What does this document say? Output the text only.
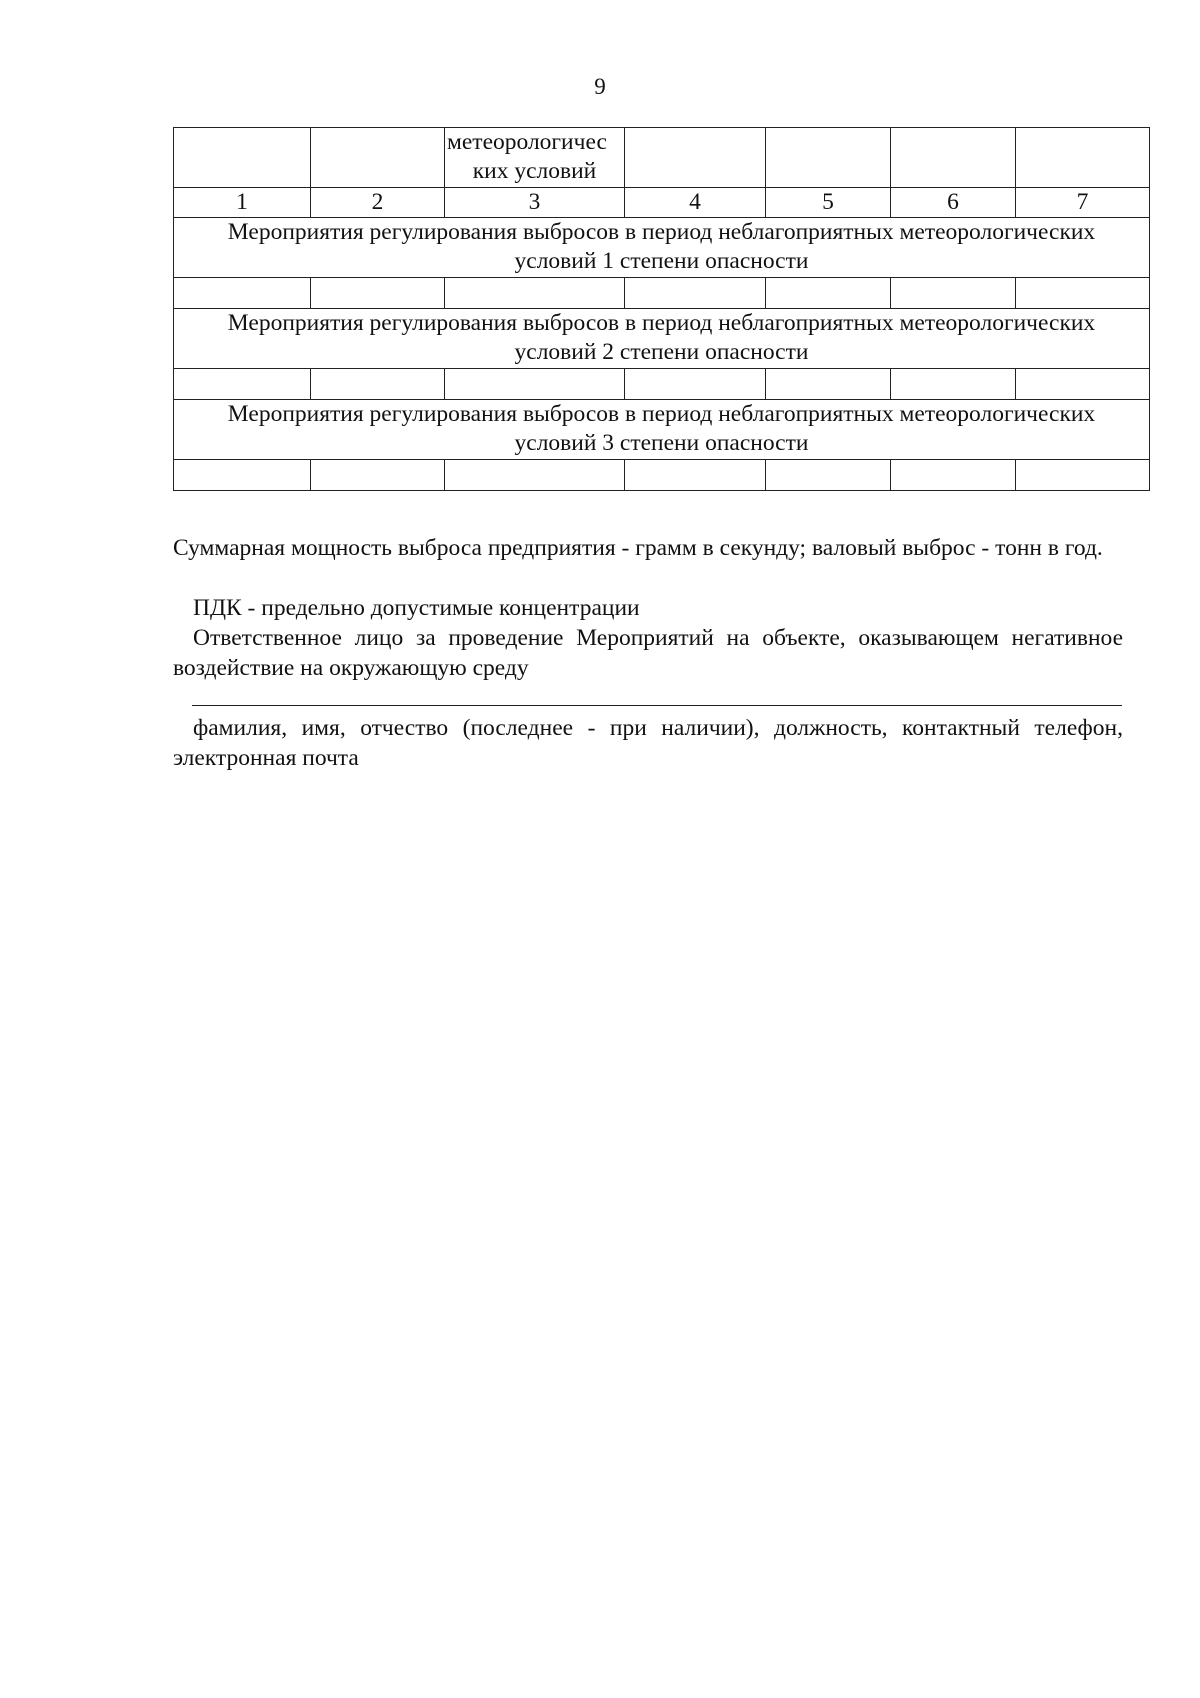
9

		метеорологичес
ких условий				

1	2	3	4	5	6	7

Мероприятия регулирования выбросов в период неблагоприятных метеорологических
условий 1 степени опасности						

Мероприятия регулирования выбросов в период неблагоприятных метеорологических
условий 2 степени опасности						

Мероприятия регулирования выбросов в период неблагоприятных метеорологических
условий 3 степени опасности						

Суммарная мощность выброса предприятия - грамм в секунду; валовый выброс - тонн в год.
ПДК - предельно допустимые концентрации
Ответственное лицо за проведение Мероприятий на объекте, оказывающем негативное воздействие на окружающую среду
фамилия, имя, отчество (последнее - при наличии), должность, контактный телефон, электронная почта
